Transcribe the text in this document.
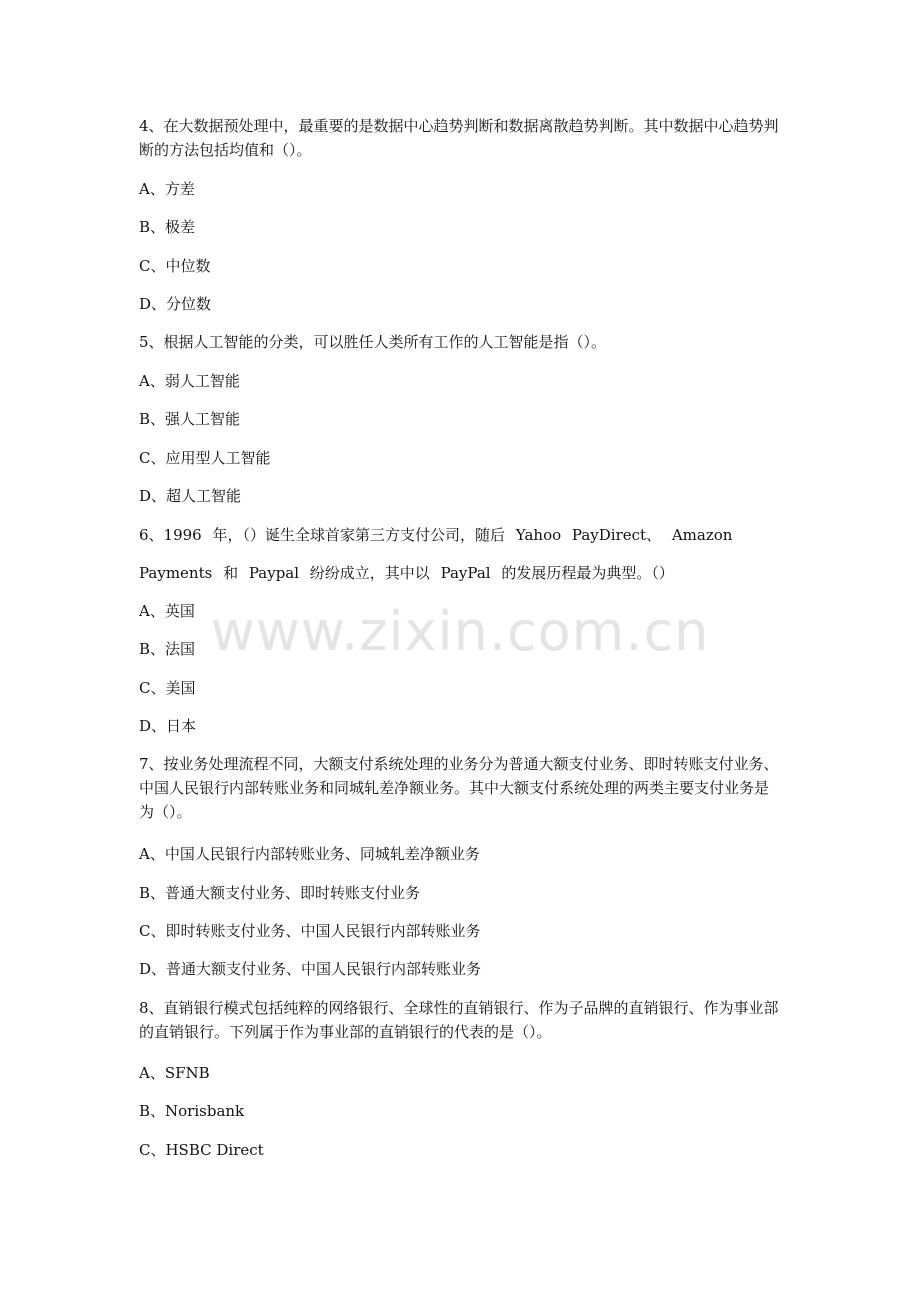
www.zixin.com.cn
4、在大数据预处理中，最重要的是数据中心趋势判断和数据离散趋势判断。其中数据中心趋势判断的方法包括均值和（）。
A、方差
B、极差
C、中位数
D、分位数
5、根据人工智能的分类，可以胜任人类所有工作的人工智能是指（）。
A、弱人工智能
B、强人工智能
C、应用型人工智能
D、超人工智能
6、1996 年，（）诞生全球首家第三方支付公司，随后 Yahoo PayDirect、 Amazon
Payments 和 Paypal 纷纷成立，其中以 PayPal 的发展历程最为典型。（）
A、英国
B、法国
C、美国
D、日本
7、按业务处理流程不同，大额支付系统处理的业务分为普通大额支付业务、即时转账支付业务、中国人民银行内部转账业务和同城轧差净额业务。其中大额支付系统处理的两类主要支付业务是为（）。
A、中国人民银行内部转账业务、同城轧差净额业务
B、普通大额支付业务、即时转账支付业务
C、即时转账支付业务、中国人民银行内部转账业务
D、普通大额支付业务、中国人民银行内部转账业务
8、直销银行模式包括纯粹的网络银行、全球性的直销银行、作为子品牌的直销银行、作为事业部的直销银行。下列属于作为事业部的直销银行的代表的是（）。
A、SFNB
B、Norisbank
C、HSBC Direct
